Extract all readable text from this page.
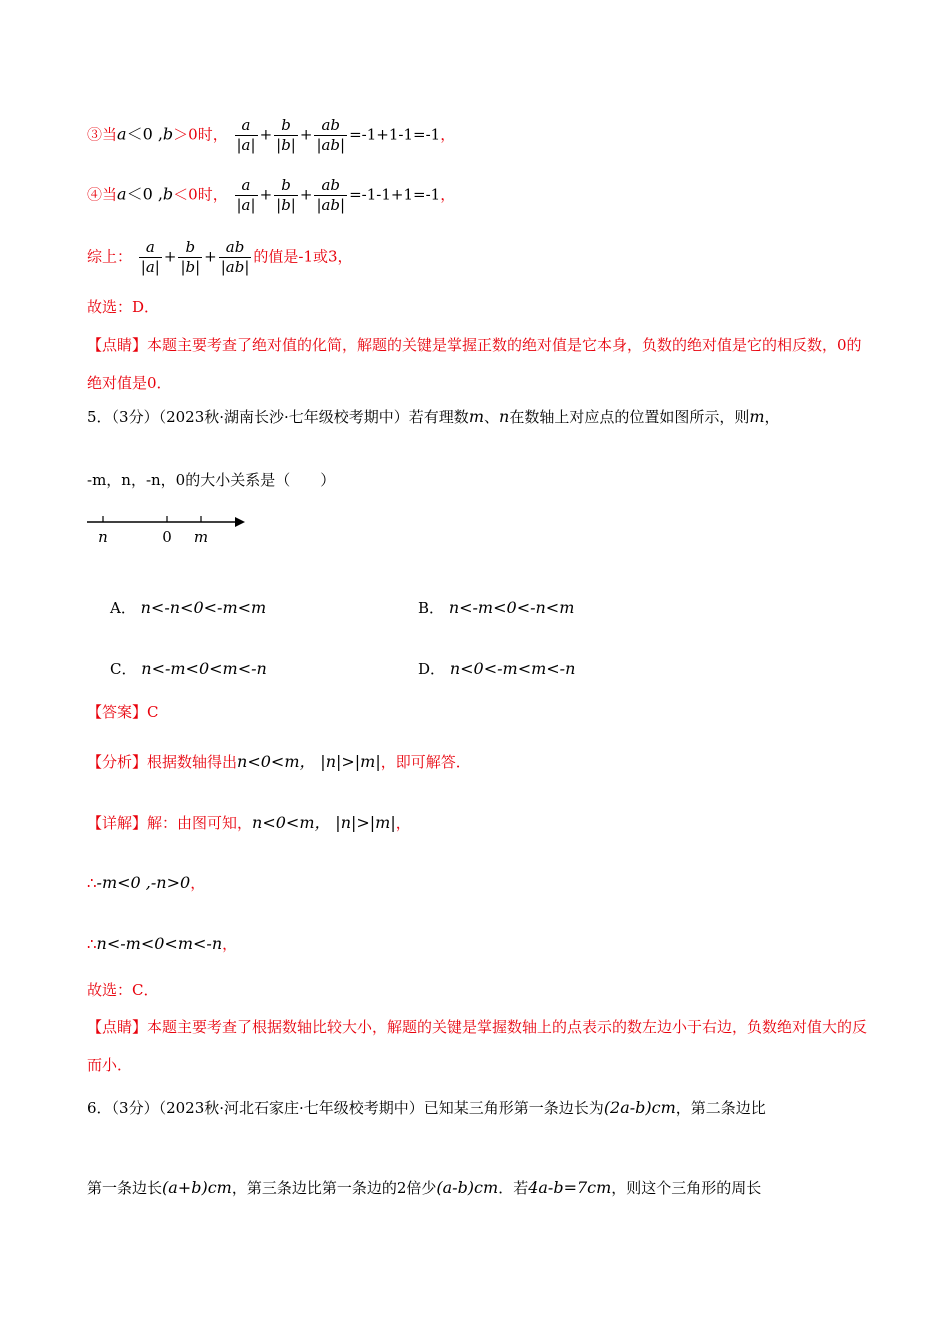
③当a＜0 ,b＞0时， $\frac{a}{|a|} + \frac{b}{|b|} + \frac{ab}{|ab|} =-1+1-1=-1$，
④当a＜0 ,b＜0时， $\frac{a}{|a|} + \frac{b}{|b|} + \frac{ab}{|ab|} =-1-1+1=-1$，
综上： $\frac{a}{|a|} + \frac{b}{|b|} + \frac{ab}{|ab|}$ 的值是-1或3，
故选：D．
【点睛】本题主要考查了绝对值的化简，解题的关键是掌握正数的绝对值是它本身，负数的绝对值是它的相反数，0的绝对值是0．
5．（3分）（2023秋·湖南长沙·七年级校考期中）若有理数m、n在数轴上对应点的位置如图所示，则m，
-m，n，-n，0的大小关系是（　　）
n	0 m
A． n<-n<0<-m<m	B． n<-m<0<-n<m
C． n<-m<0<m<-n	D． n<0<-m<m<-n
【答案】C
【分析】根据数轴得出n<0<m， |n|>|m|，即可解答．
【详解】解：由图可知，n<0<m， |n|>|m|，
∴-m<0 ,-n>0，
∴n<-m<0<m<-n，
故选：C．
【点睛】本题主要考查了根据数轴比较大小，解题的关键是掌握数轴上的点表示的数左边小于右边，负数绝对值大的反而小．
6．（3分）（2023秋·河北石家庄·七年级校考期中）已知某三角形第一条边长为(2a-b)cm，第二条边比
第一条边长(a+b)cm，第三条边比第一条边的2倍少(a-b)cm．若4a-b=7cm，则这个三角形的周长
